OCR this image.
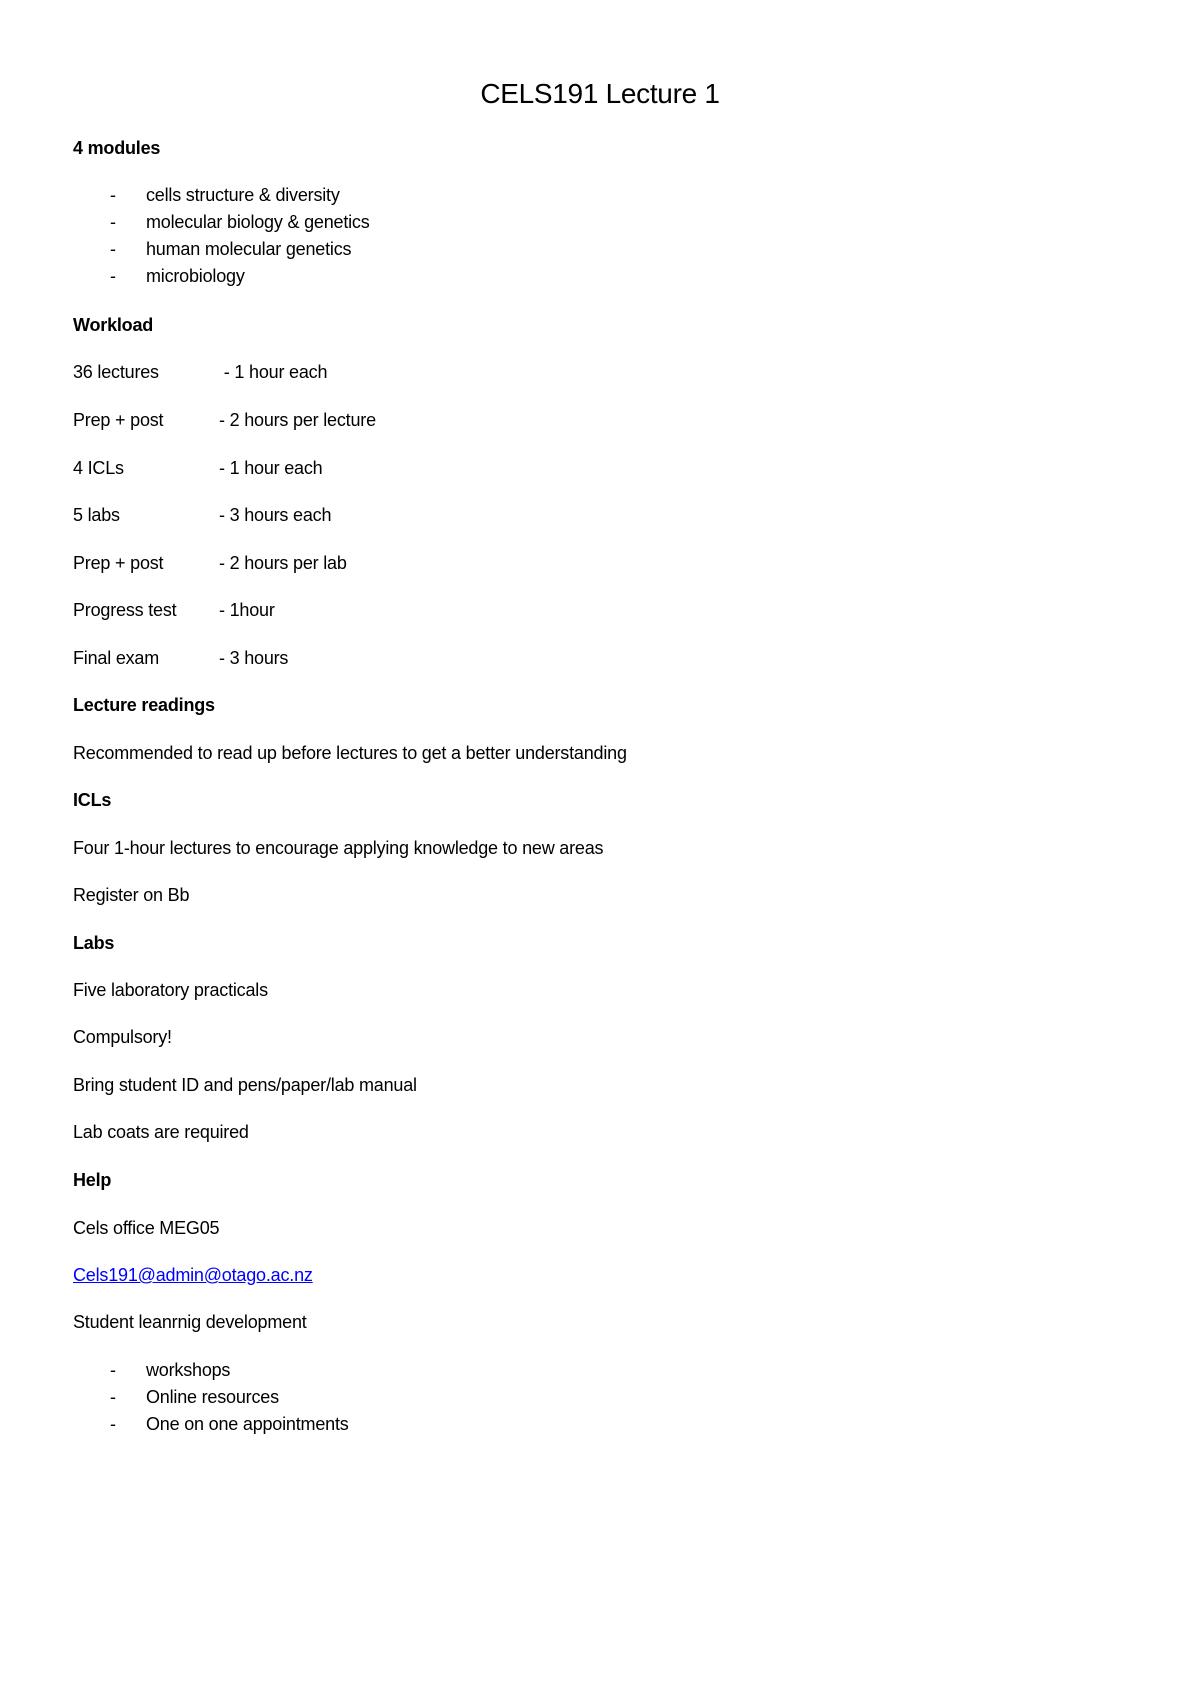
CELS191 Lecture 1
4 modules
- cells structure & diversity
- molecular biology & genetics
- human molecular genetics
- microbiology
Workload
36 lectures	- 1 hour each
Prep + post	- 2 hours per lecture
4 ICLs	- 1 hour each
5 labs	- 3 hours each
Prep + post	- 2 hours per lab
Progress test - 1hour
Final exam	- 3 hours
Lecture readings
Recommended to read up before lectures to get a better understanding
ICLs
Four 1-hour lectures to encourage applying knowledge to new areas
Register on Bb
Labs
Five laboratory practicals
Compulsory!
Bring student ID and pens/paper/lab manual
Lab coats are required
Help
Cels office MEG05
Cels191@admin@otago.ac.nz
Student leanrnig development
- workshops
- Online resources
- One on one appointments
